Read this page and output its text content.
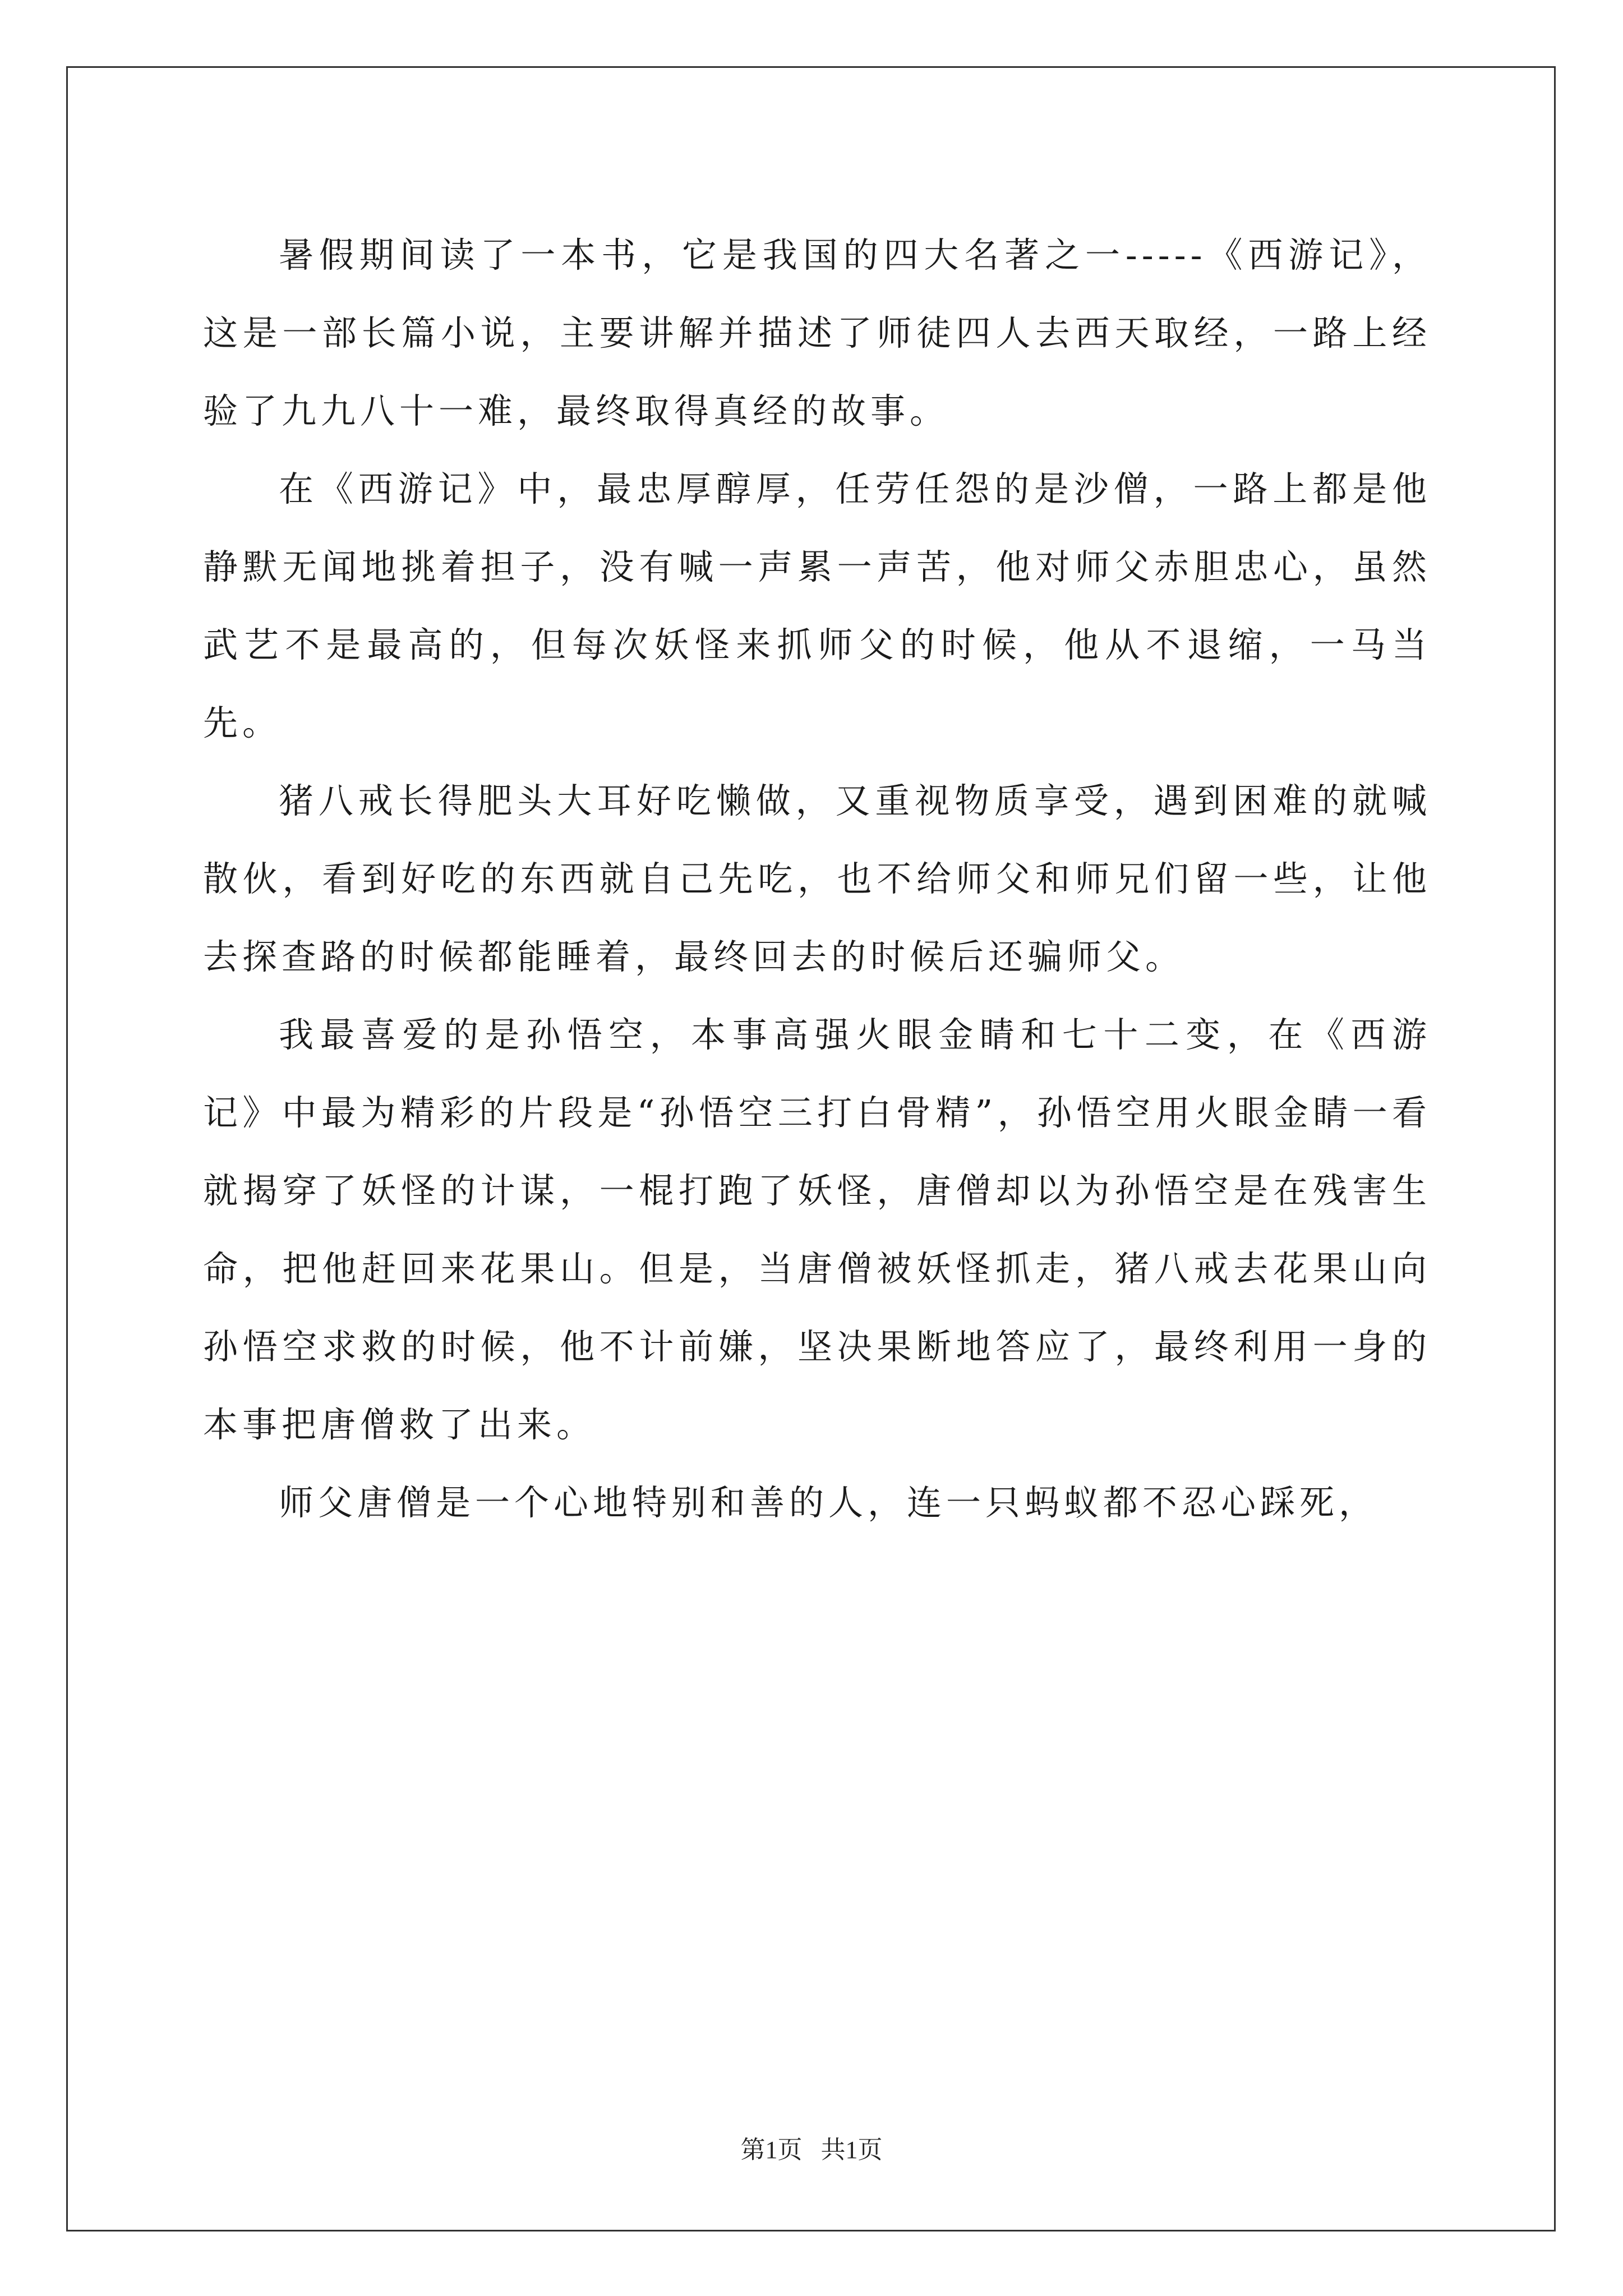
暑假期间读了一本书，它是我国的四大名著之一-----《西游记》，这是一部长篇小说，主要讲解并描述了师徒四人去西天取经，一路上经验了九九八十一难，最终取得真经的故事。

在《西游记》中，最忠厚醇厚，任劳任怨的是沙僧，一路上都是他静默无闻地挑着担子，没有喊一声累一声苦，他对师父赤胆忠心，虽然武艺不是最高的，但每次妖怪来抓师父的时候，他从不退缩，一马当先。

猪八戒长得肥头大耳好吃懒做，又重视物质享受，遇到困难的就喊散伙，看到好吃的东西就自己先吃，也不给师父和师兄们留一些，让他去探查路的时候都能睡着，最终回去的时候后还骗师父。

我最喜爱的是孙悟空，本事高强火眼金睛和七十二变，在《西游记》中最为精彩的片段是“孙悟空三打白骨精”，孙悟空用火眼金睛一看就揭穿了妖怪的计谋，一棍打跑了妖怪，唐僧却以为孙悟空是在残害生命，把他赶回来花果山。但是，当唐僧被妖怪抓走，猪八戒去花果山向孙悟空求救的时候，他不计前嫌，坚决果断地答应了，最终利用一身的本事把唐僧救了出来。

师父唐僧是一个心地特别和善的人，连一只蚂蚁都不忍心踩死，

第1页   共1页
